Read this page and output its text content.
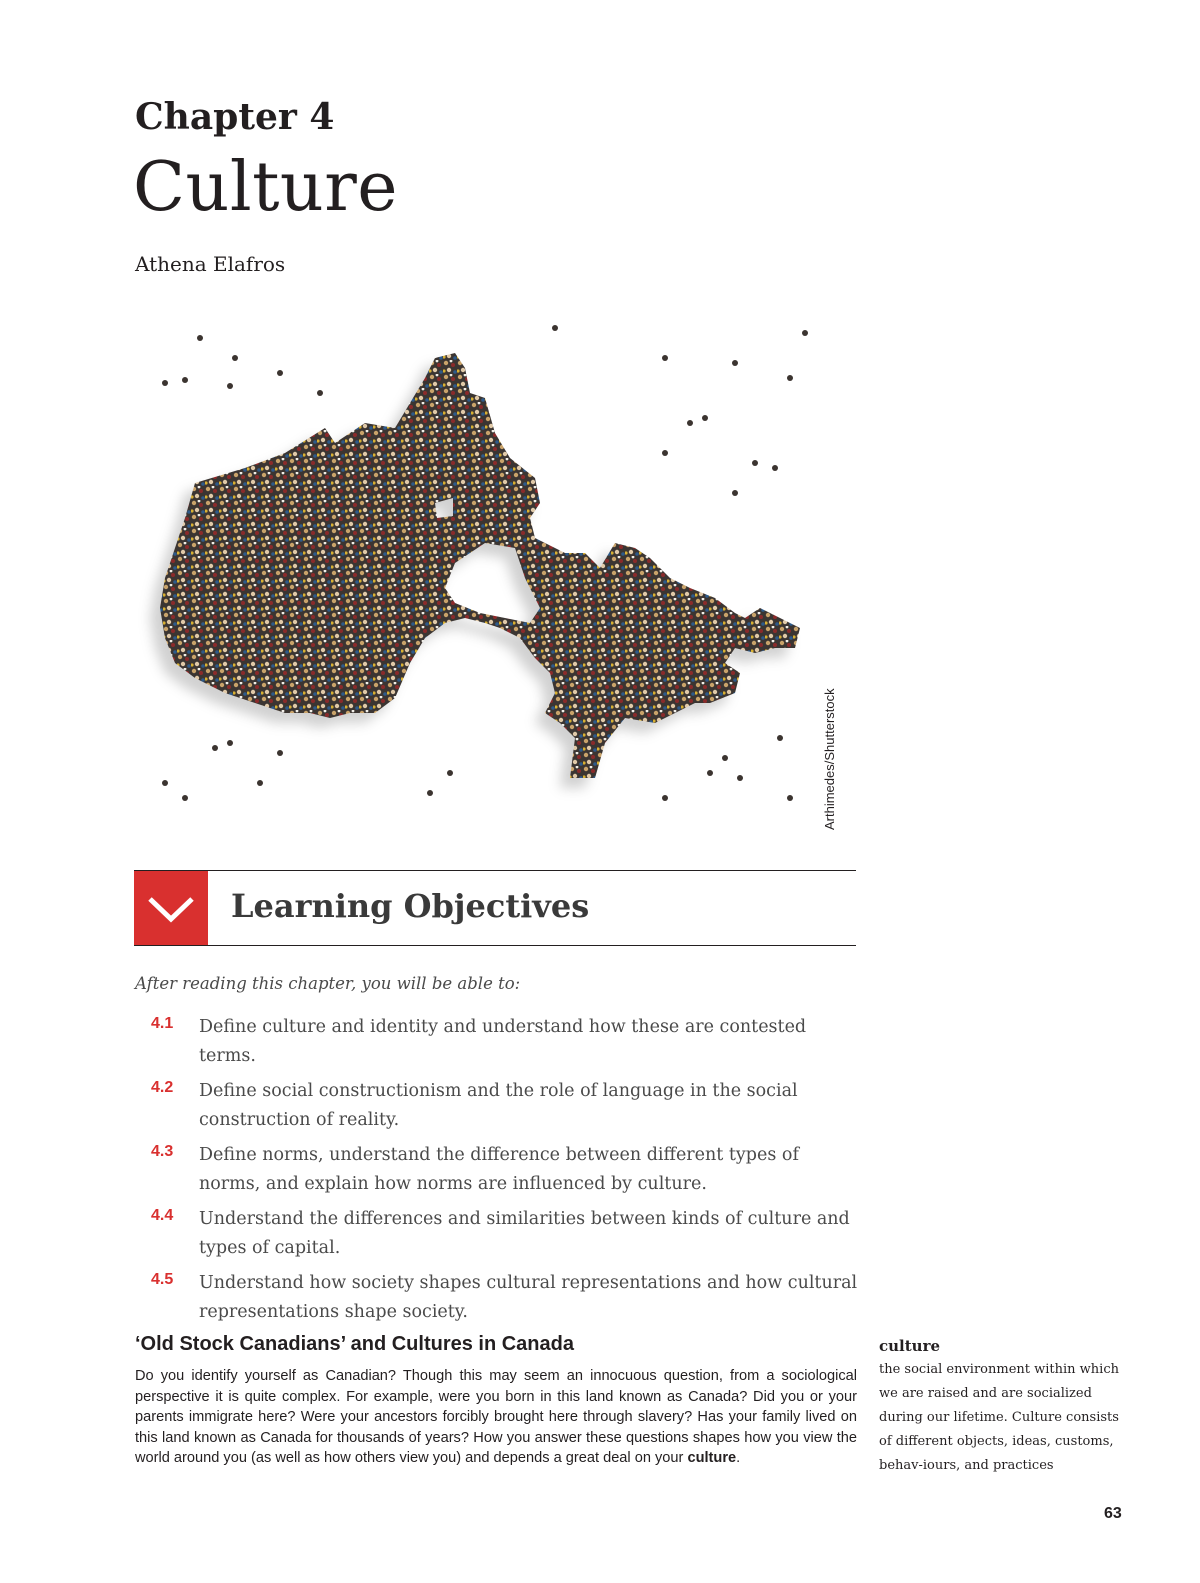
Chapter 4
Culture
Athena Elafros
Arthimedes/Shutterstock
Learning Objectives
After reading this chapter, you will be able to:
4.1 Define culture and identity and understand how these are contested terms.
4.2 Define social constructionism and the role of language in the social construction of reality.
4.3 Define norms, understand the difference between different types of norms, and explain how norms are influenced by culture.
4.4 Understand the differences and similarities between kinds of culture and types of capital.
4.5 Understand how society shapes cultural representations and how cultural representations shape society.
‘Old Stock Canadians’ and Cultures in Canada

Do you identify yourself as Canadian? Though this may seem an innocuous question, from a sociological perspective it is quite complex. For example, were you born in this land known as Canada? Did you or your parents immigrate here? Were your ancestors forcibly brought here through slavery? Has your family lived on this land known as Canada for thousands of years? How you answer these questions shapes how you view the world around you (as well as how others view you) and depends a great deal on your culture.

culture
the social environment within which we are raised and are socialized during our lifetime. Culture consists of different objects, ideas, customs, behav-iours, and practices
63
